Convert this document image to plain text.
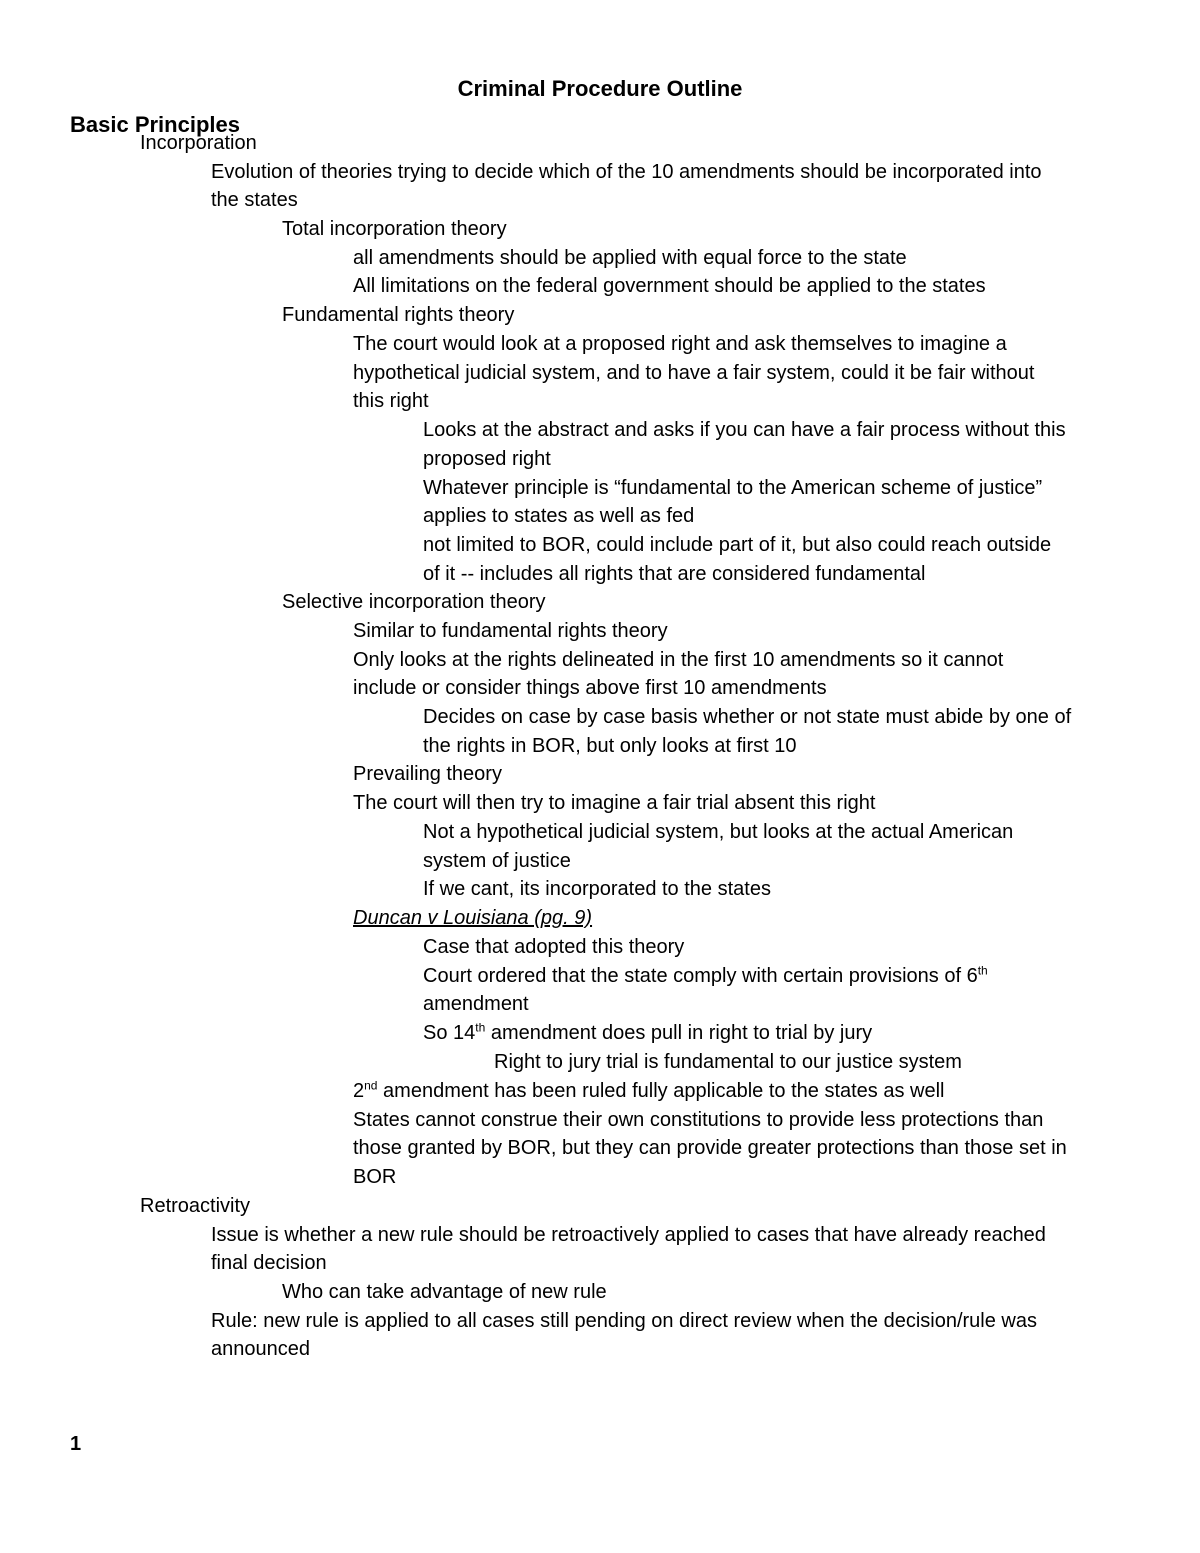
Criminal Procedure Outline
Basic Principles
Incorporation
Evolution of theories trying to decide which of the 10 amendments should be incorporated into
the states
Total incorporation theory
all amendments should be applied with equal force to the state
All limitations on the federal government should be applied to the states
Fundamental rights theory
The court would look at a proposed right and ask themselves to imagine a
hypothetical judicial system, and to have a fair system, could it be fair without
this right
Looks at the abstract and asks if you can have a fair process without this
proposed right
Whatever principle is “fundamental to the American scheme of justice”
applies to states as well as fed
not limited to BOR, could include part of it, but also could reach outside
of it -- includes all rights that are considered fundamental
Selective incorporation theory
Similar to fundamental rights theory
Only looks at the rights delineated in the first 10 amendments so it cannot
include or consider things above first 10 amendments
Decides on case by case basis whether or not state must abide by one of
the rights in BOR, but only looks at first 10
Prevailing theory
The court will then try to imagine a fair trial absent this right
Not a hypothetical judicial system, but looks at the actual American
system of justice
If we cant, its incorporated to the states
Duncan v Louisiana (pg. 9)
Case that adopted this theory
Court ordered that the state comply with certain provisions of 6th
amendment
So 14th amendment does pull in right to trial by jury
Right to jury trial is fundamental to our justice system
2nd amendment has been ruled fully applicable to the states as well
States cannot construe their own constitutions to provide less protections than
those granted by BOR, but they can provide greater protections than those set in
BOR
Retroactivity
Issue is whether a new rule should be retroactively applied to cases that have already reached
final decision
Who can take advantage of new rule
Rule: new rule is applied to all cases still pending on direct review when the decision/rule was
announced
1
